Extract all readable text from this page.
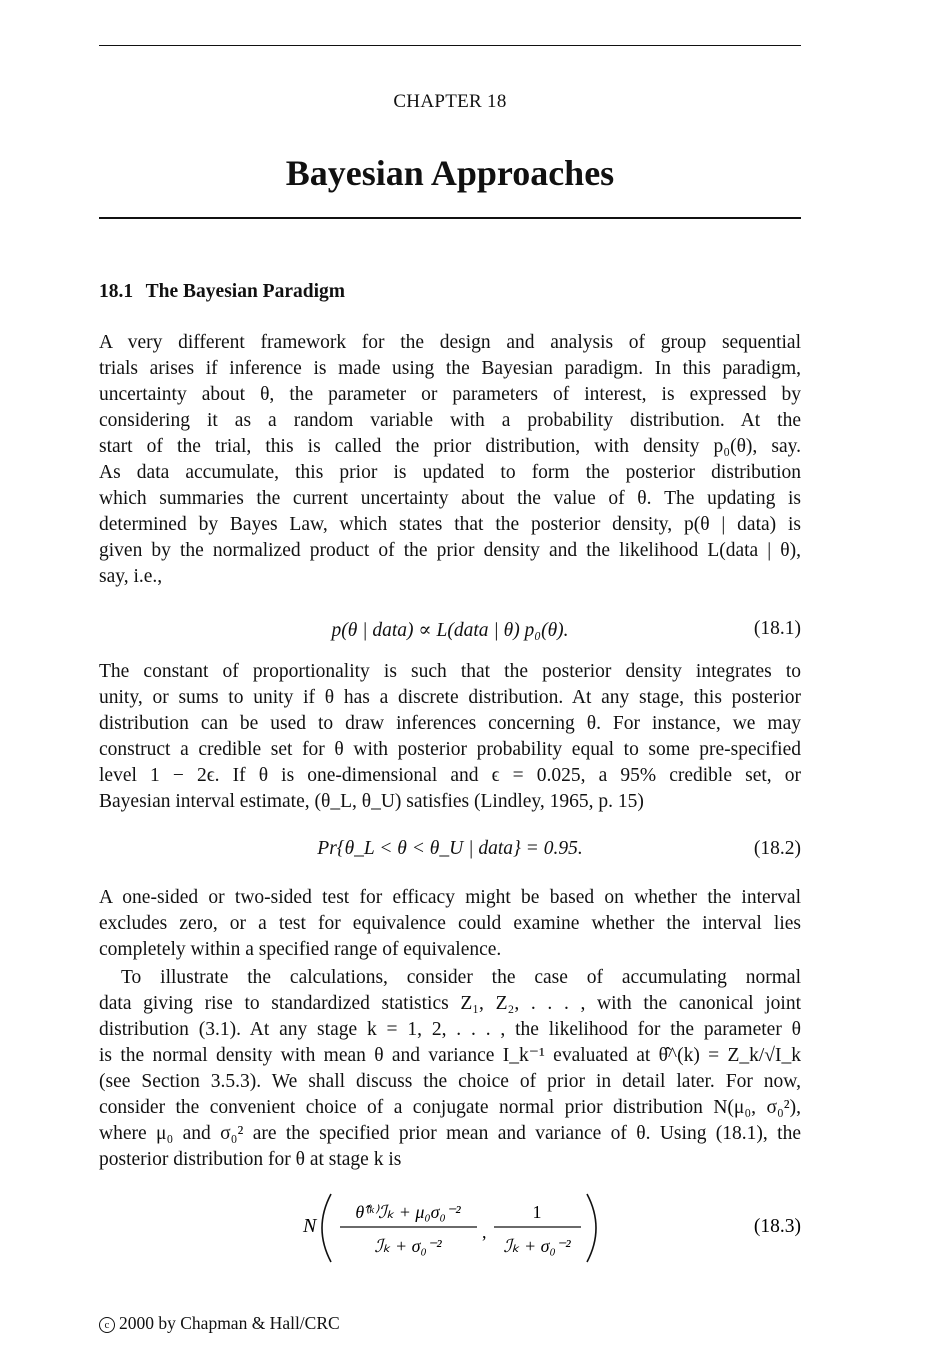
CHAPTER 18
Bayesian Approaches
18.1 The Bayesian Paradigm
A very different framework for the design and analysis of group sequential
trials arises if inference is made using the Bayesian paradigm. In this paradigm,
uncertainty about θ, the parameter or parameters of interest, is expressed by
considering it as a random variable with a probability distribution. At the
start of the trial, this is called the prior distribution, with density p₀(θ), say.
As data accumulate, this prior is updated to form the posterior distribution
which summaries the current uncertainty about the value of θ. The updating is
determined by Bayes Law, which states that the posterior density, p(θ | data) is
given by the normalized product of the prior density and the likelihood L(data | θ),
say, i.e.,
p(θ | data) ∝ L(data | θ) p₀(θ).	(18.1)
The constant of proportionality is such that the posterior density integrates to
unity, or sums to unity if θ has a discrete distribution. At any stage, this posterior
distribution can be used to draw inferences concerning θ. For instance, we may
construct a credible set for θ with posterior probability equal to some pre-specified
level 1 − 2ϵ. If θ is one-dimensional and ϵ = 0.025, a 95% credible set, or
Bayesian interval estimate, (θ_L, θ_U) satisfies (Lindley, 1965, p. 15)
Pr{θ_L < θ < θ_U | data} = 0.95.	(18.2)
A one-sided or two-sided test for efficacy might be based on whether the interval
excludes zero, or a test for equivalence could examine whether the interval lies
completely within a specified range of equivalence.
To illustrate the calculations, consider the case of accumulating normal
data giving rise to standardized statistics Z₁, Z₂, . . . , with the canonical joint
distribution (3.1). At any stage k = 1, 2, . . . , the likelihood for the parameter θ
is the normal density with mean θ and variance I_k⁻¹ evaluated at θ̂^(k) = Z_k/√I_k
(see Section 3.5.3). We shall discuss the choice of prior in detail later. For now,
consider the convenient choice of a conjugate normal prior distribution N(μ₀, σ₀²),
where μ₀ and σ₀² are the specified prior mean and variance of θ. Using (18.1), the
posterior distribution for θ at stage k is
N
θ̂⁽ᵏ⁾ℐₖ + μ₀σ₀⁻²
ℐₖ + σ₀⁻²
,
1
ℐₖ + σ₀⁻²
(18.3)
c 2000 by Chapman & Hall/CRC
